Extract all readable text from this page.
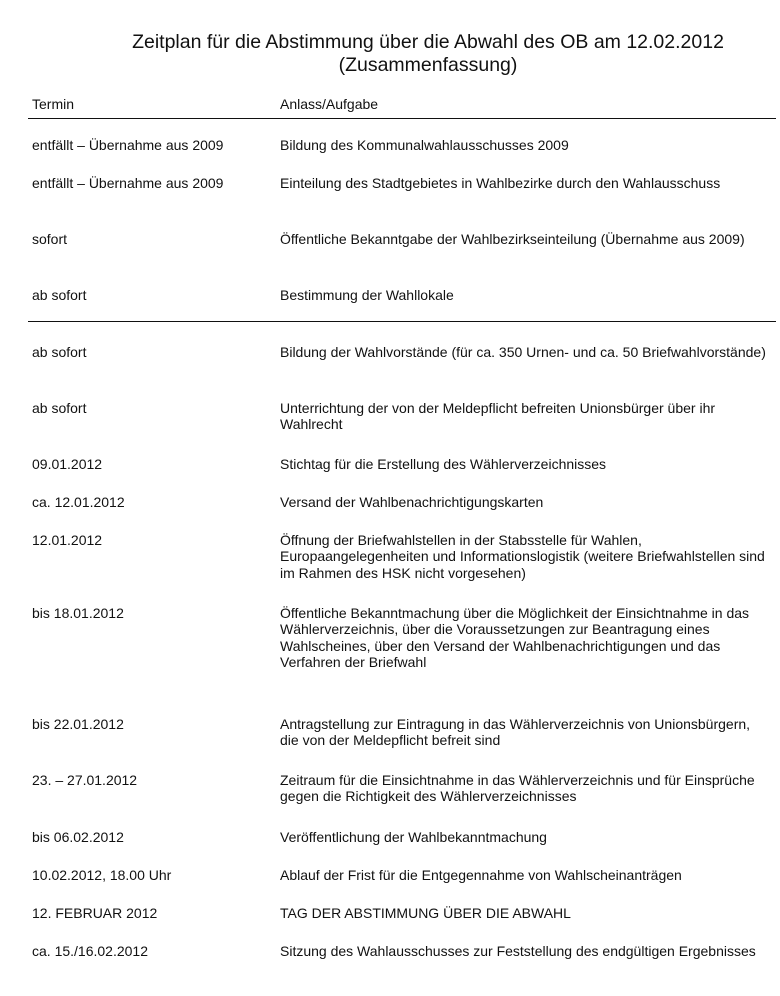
Zeitplan für die Abstimmung über die Abwahl des OB am 12.02.2012
(Zusammenfassung)
Termin	Anlass/Aufgabe
entfällt – Übernahme aus 2009	Bildung des Kommunalwahlausschusses 2009
entfällt – Übernahme aus 2009	Einteilung des Stadtgebietes in Wahlbezirke durch den Wahlausschuss
sofort	Öffentliche Bekanntgabe der Wahlbezirkseinteilung (Übernahme aus 2009)
ab sofort	Bestimmung der Wahllokale
ab sofort	Bildung der Wahlvorstände (für ca. 350 Urnen- und ca. 50 Briefwahlvorstände)
ab sofort	Unterrichtung der von der Meldepflicht befreiten Unionsbürger über ihr Wahlrecht
09.01.2012	Stichtag für die Erstellung des Wählerverzeichnisses
ca. 12.01.2012	Versand der Wahlbenachrichtigungskarten
12.01.2012	Öffnung der Briefwahlstellen in der Stabsstelle für Wahlen, Europaangelegenheiten und Informationslogistik (weitere Briefwahlstellen sind im Rahmen des HSK nicht vorgesehen)
bis 18.01.2012	Öffentliche Bekanntmachung über die Möglichkeit der Einsichtnahme in das Wählerverzeichnis, über die Voraussetzungen zur Beantragung eines Wahlscheines, über den Versand der Wahlbenachrichtigungen und das Verfahren der Briefwahl
bis 22.01.2012	Antragstellung zur Eintragung in das Wählerverzeichnis von Unionsbürgern, die von der Meldepflicht befreit sind
23. – 27.01.2012	Zeitraum für die Einsichtnahme in das Wählerverzeichnis und für Einsprüche gegen die Richtigkeit des Wählerverzeichnisses
bis 06.02.2012	Veröffentlichung der Wahlbekanntmachung
10.02.2012, 18.00 Uhr	Ablauf der Frist für die Entgegennahme von Wahlscheinanträgen
12. FEBRUAR 2012	TAG DER ABSTIMMUNG ÜBER DIE ABWAHL
ca. 15./16.02.2012	Sitzung des Wahlausschusses zur Feststellung des endgültigen Ergebnisses
